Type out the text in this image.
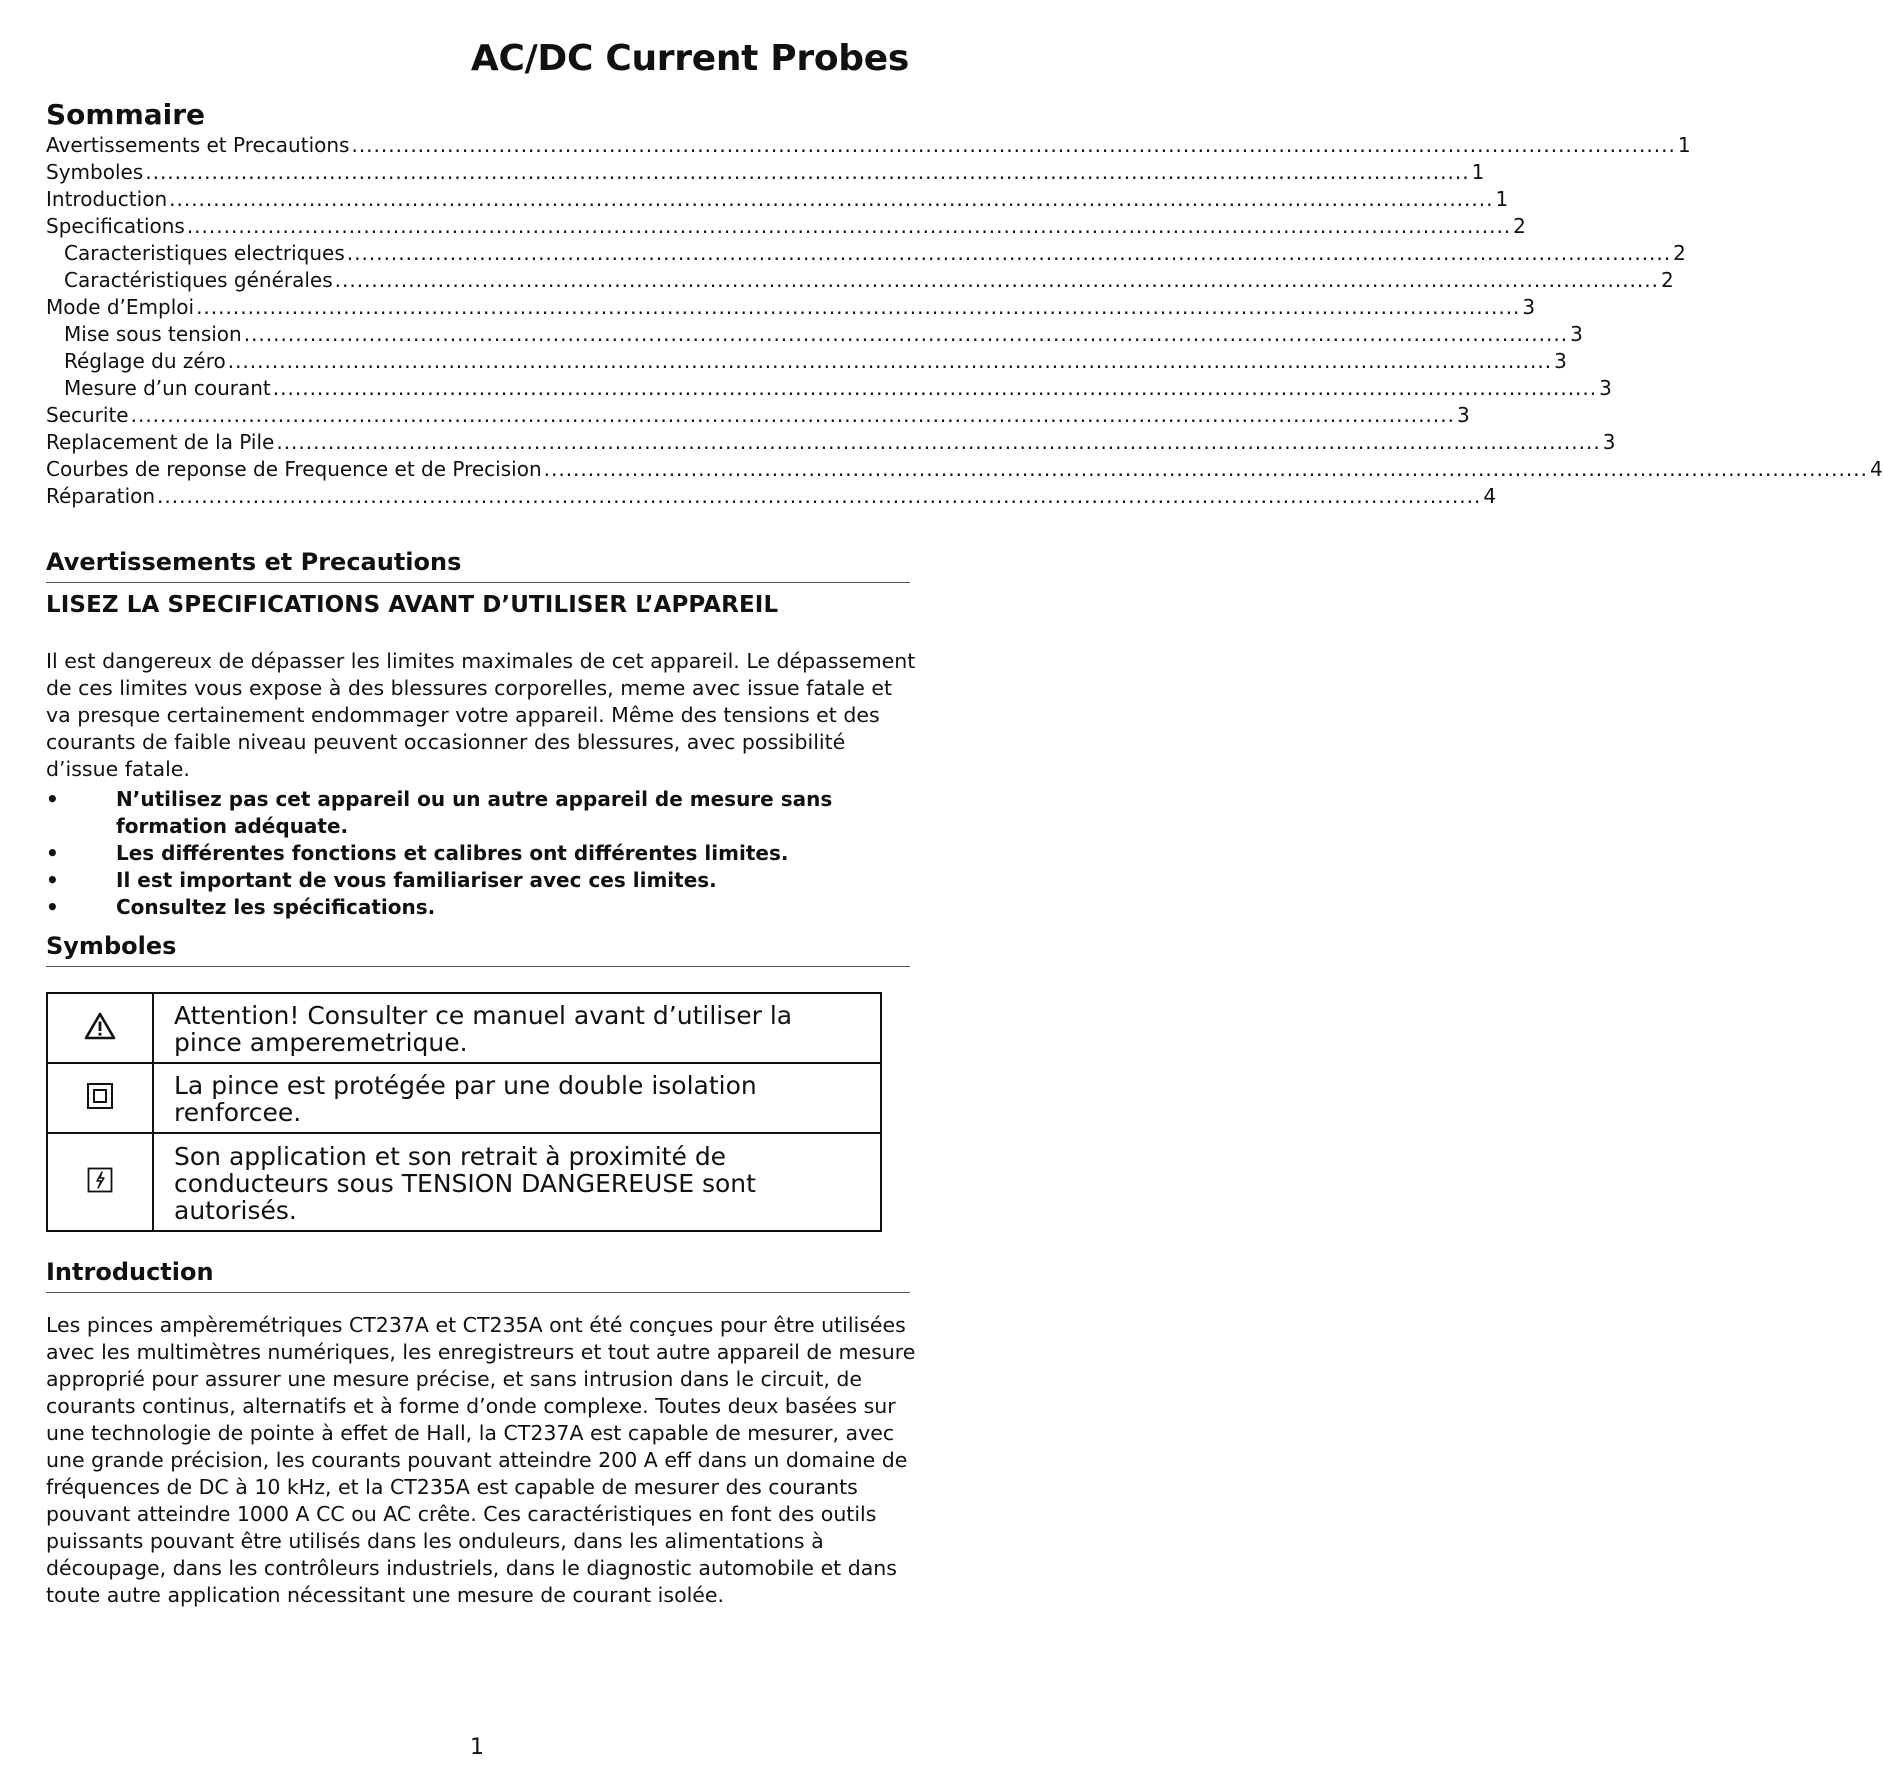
AC/DC Current Probes
Sommaire
Avertissements et Precautions .................................................................................................................................................................................... 1
Symboles .................................................................................................................................................................................... 1
Introduction .................................................................................................................................................................................... 1
Specifications .................................................................................................................................................................................... 2
Caracteristiques electriques .................................................................................................................................................................................... 2
Caractéristiques générales .................................................................................................................................................................................... 2
Mode d’Emploi .................................................................................................................................................................................... 3
Mise sous tension .................................................................................................................................................................................... 3
Réglage du zéro .................................................................................................................................................................................... 3
Mesure d’un courant .................................................................................................................................................................................... 3
Securite .................................................................................................................................................................................... 3
Replacement de la Pile .................................................................................................................................................................................... 3
Courbes de reponse de Frequence et de Precision .................................................................................................................................................................................... 4
Réparation .................................................................................................................................................................................... 4
Avertissements et Precautions
LISEZ LA SPECIFICATIONS AVANT D’UTILISER L’APPAREIL

Il est dangereux de dépasser les limites maximales de cet appareil. Le dépassement de ces limites vous expose à des blessures corporelles, meme avec issue fatale et va presque certainement endommager votre appareil. Même des tensions et des courants de faible niveau peuvent occasionner des blessures, avec possibilité d’issue fatale.

•	N’utilisez pas cet appareil ou un autre appareil de mesure sans formation adéquate.
•	Les différentes fonctions et calibres ont différentes limites.
•	Il est important de vous familiariser avec ces limites.
•	Consultez les spécifications.
Symboles
	Attention! Consulter ce manuel avant d’utiliser la pince amperemetrique.
	La pince est protégée par une double isolation renforcee.
	Son application et son retrait à proximité de conducteurs sous TENSION DANGEREUSE sont autorisés.
Introduction

Les pinces ampèremétriques CT237A et CT235A ont été conçues pour être utilisées avec les multimètres numériques, les enregistreurs et tout autre appareil de mesure approprié pour assurer une mesure précise, et sans intrusion dans le circuit, de courants continus, alternatifs et à forme d’onde complexe. Toutes deux basées sur une technologie de pointe à effet de Hall, la CT237A est capable de mesurer, avec une grande précision, les courants pouvant atteindre 200 A eff dans un domaine de fréquences de DC à 10 kHz, et la CT235A est capable de mesurer des courants pouvant atteindre 1000 A CC ou AC crête. Ces caractéristiques en font des outils puissants pouvant être utilisés dans les onduleurs, dans les alimentations à découpage, dans les contrôleurs industriels, dans le diagnostic automobile et dans toute autre application nécessitant une mesure de courant isolée.

1
